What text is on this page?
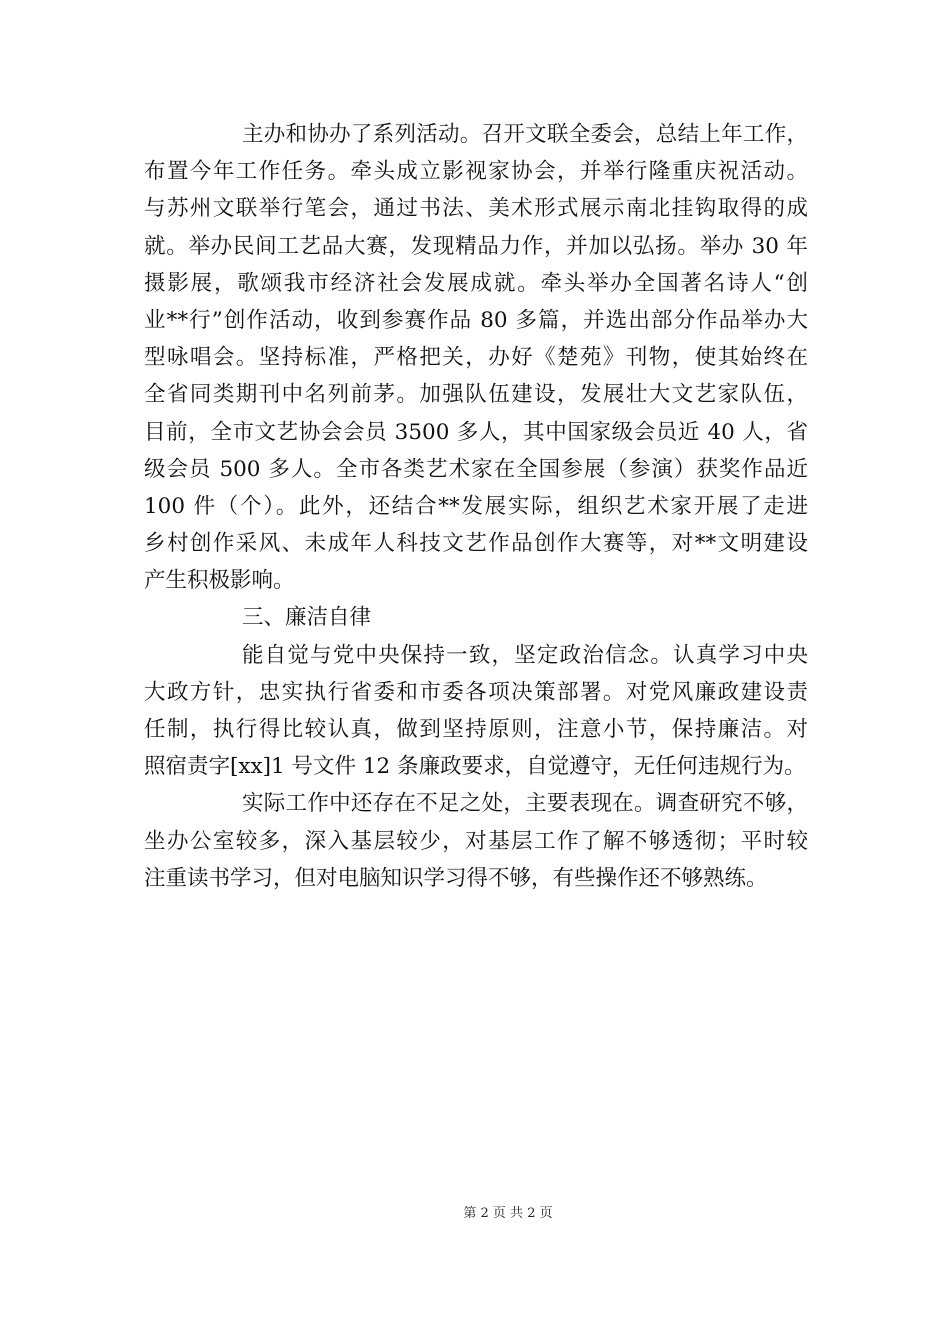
主办和协办了系列活动。召开文联全委会，总结上年工作，
布置今年工作任务。牵头成立影视家协会，并举行隆重庆祝活动。
与苏州文联举行笔会，通过书法、美术形式展示南北挂钩取得的成
就。举办民间工艺品大赛，发现精品力作，并加以弘扬。举办 30 年
摄影展，歌颂我市经济社会发展成就。牵头举办全国著名诗人“创
业**行”创作活动，收到参赛作品 80 多篇，并选出部分作品举办大
型咏唱会。坚持标准，严格把关，办好《楚苑》刊物，使其始终在
全省同类期刊中名列前茅。加强队伍建设，发展壮大文艺家队伍，
目前，全市文艺协会会员 3500 多人，其中国家级会员近 40 人，省
级会员 500 多人。全市各类艺术家在全国参展（参演）获奖作品近
100 件（个）。此外，还结合**发展实际，组织艺术家开展了走进
乡村创作采风、未成年人科技文艺作品创作大赛等，对**文明建设
产生积极影响。
三、廉洁自律
能自觉与党中央保持一致，坚定政治信念。认真学习中央
大政方针，忠实执行省委和市委各项决策部署。对党风廉政建设责
任制，执行得比较认真，做到坚持原则，注意小节，保持廉洁。对
照宿责字[xx]1 号文件 12 条廉政要求，自觉遵守，无任何违规行为。
实际工作中还存在不足之处，主要表现在。调查研究不够，
坐办公室较多，深入基层较少，对基层工作了解不够透彻；平时较
注重读书学习，但对电脑知识学习得不够，有些操作还不够熟练。
第 2 页 共 2 页
